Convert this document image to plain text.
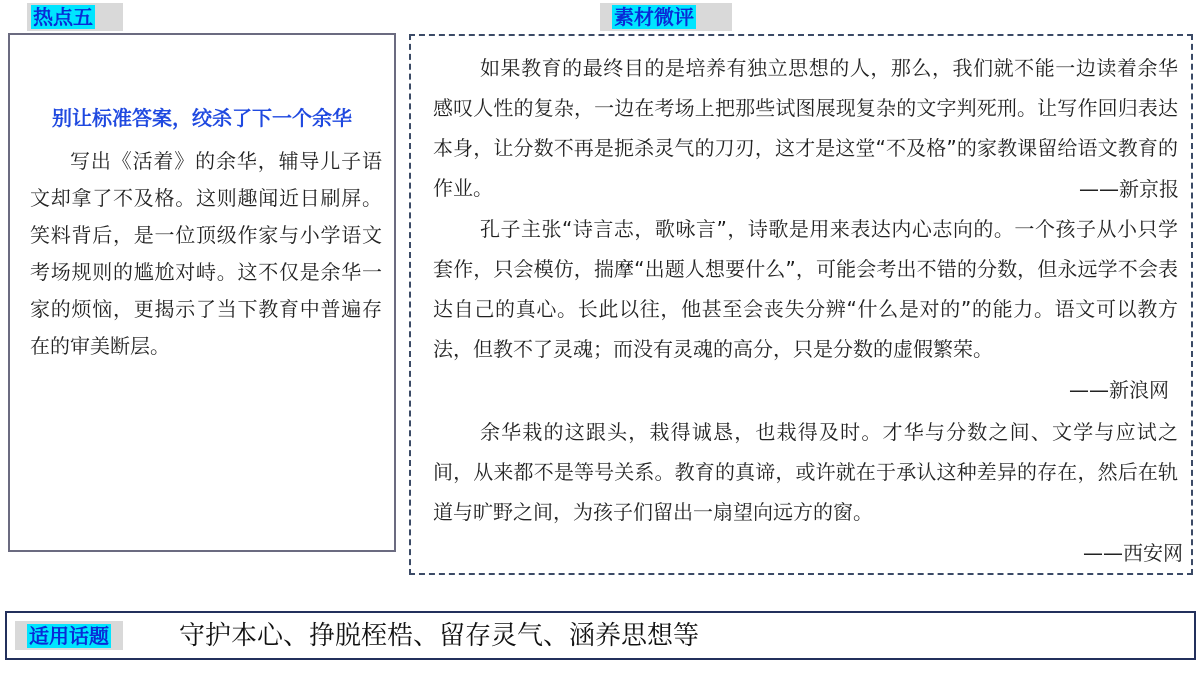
热点五	素材微评
别让标准答案，绞杀了下一个余华
写出《活着》的余华，辅导儿子语文却拿了不及格。这则趣闻近日刷屏。笑料背后，是一位顶级作家与小学语文考场规则的尴尬对峙。这不仅是余华一家的烦恼，更揭示了当下教育中普遍存在的审美断层。
如果教育的最终目的是培养有独立思想的人，那么，我们就不能一边读着余华感叹人性的复杂，一边在考场上把那些试图展现复杂的文字判死刑。让写作回归表达本身，让分数不再是扼杀灵气的刀刃，这才是这堂“不及格”的家教课留给语文教育的作业。	——新京报
孔子主张“诗言志，歌咏言”，诗歌是用来表达内心志向的。一个孩子从小只学套作，只会模仿，揣摩“出题人想要什么”，可能会考出不错的分数，但永远学不会表达自己的真心。长此以往，他甚至会丧失分辨“什么是对的”的能力。语文可以教方法，但教不了灵魂；而没有灵魂的高分，只是分数的虚假繁荣。
——新浪网
余华栽的这跟头，栽得诚恳，也栽得及时。才华与分数之间、文学与应试之间，从来都不是等号关系。教育的真谛，或许就在于承认这种差异的存在，然后在轨道与旷野之间，为孩子们留出一扇望向远方的窗。
——西安网
适用话题	守护本心、挣脱桎梏、留存灵气、涵养思想等
